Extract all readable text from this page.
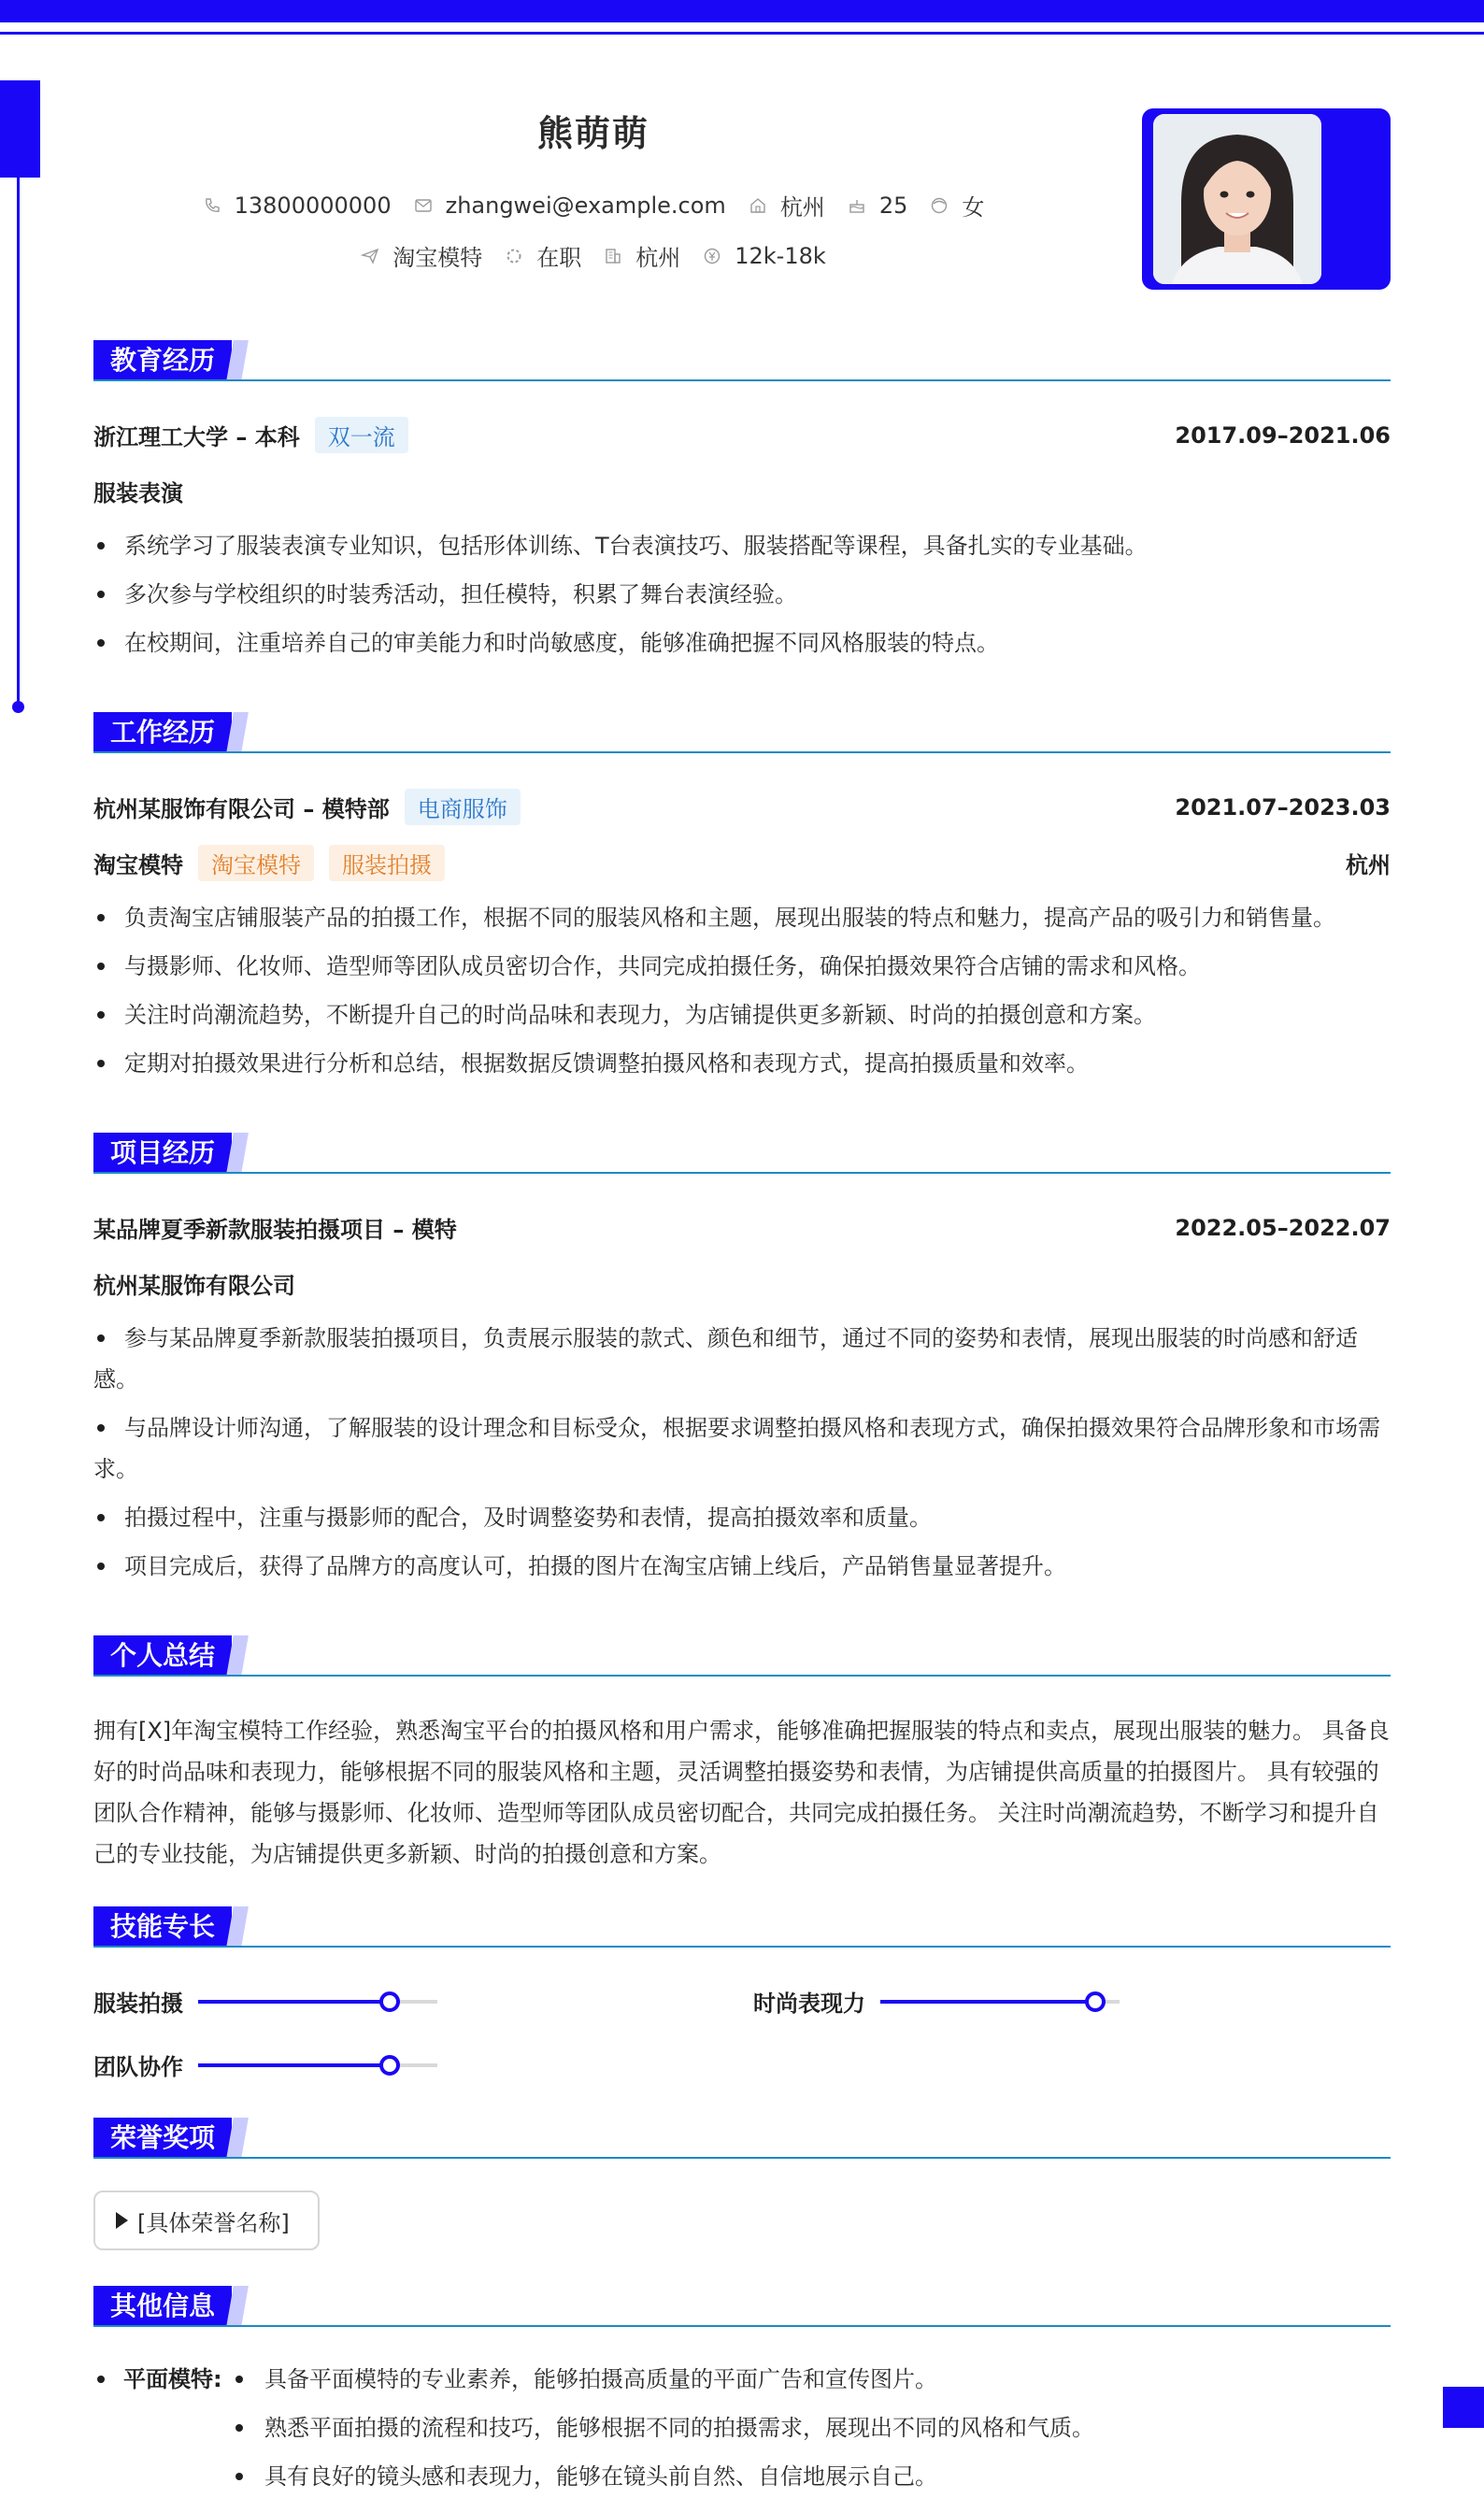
熊萌萌
13800000000 zhangwei@example.com 杭州 25 女
淘宝模特 在职 杭州 12k-18k
教育经历
浙江理工大学 – 本科	双一流	2017.09–2021.06
服装表演
系统学习了服装表演专业知识，包括形体训练、T台表演技巧、服装搭配等课程，具备扎实的专业基础。
多次参与学校组织的时装秀活动，担任模特，积累了舞台表演经验。
在校期间，注重培养自己的审美能力和时尚敏感度，能够准确把握不同风格服装的特点。
工作经历
杭州某服饰有限公司 – 模特部	电商服饰	2021.07–2023.03
淘宝模特	淘宝模特	服装拍摄	杭州
负责淘宝店铺服装产品的拍摄工作，根据不同的服装风格和主题，展现出服装的特点和魅力，提高产品的吸引力和销售量。
与摄影师、化妆师、造型师等团队成员密切合作，共同完成拍摄任务，确保拍摄效果符合店铺的需求和风格。
关注时尚潮流趋势，不断提升自己的时尚品味和表现力，为店铺提供更多新颖、时尚的拍摄创意和方案。
定期对拍摄效果进行分析和总结，根据数据反馈调整拍摄风格和表现方式，提高拍摄质量和效率。
项目经历
某品牌夏季新款服装拍摄项目 – 模特	2022.05–2022.07
杭州某服饰有限公司
参与某品牌夏季新款服装拍摄项目，负责展示服装的款式、颜色和细节，通过不同的姿势和表情，展现出服装的时尚感和舒适感。
与品牌设计师沟通，了解服装的设计理念和目标受众，根据要求调整拍摄风格和表现方式，确保拍摄效果符合品牌形象和市场需求。
拍摄过程中，注重与摄影师的配合，及时调整姿势和表情，提高拍摄效率和质量。
项目完成后，获得了品牌方的高度认可，拍摄的图片在淘宝店铺上线后，产品销售量显著提升。
个人总结
拥有[X]年淘宝模特工作经验，熟悉淘宝平台的拍摄风格和用户需求，能够准确把握服装的特点和卖点，展现出服装的魅力。 具备良
好的时尚品味和表现力，能够根据不同的服装风格和主题，灵活调整拍摄姿势和表情，为店铺提供高质量的拍摄图片。 具有较强的
团队合作精神，能够与摄影师、化妆师、造型师等团队成员密切配合，共同完成拍摄任务。 关注时尚潮流趋势，不断学习和提升自
己的专业技能，为店铺提供更多新颖、时尚的拍摄创意和方案。
技能专长
服装拍摄	时尚表现力
团队协作
荣誉奖项
[具体荣誉名称]
其他信息
平面模特: 具备平面模特的专业素养，能够拍摄高质量的平面广告和宣传图片。
熟悉平面拍摄的流程和技巧，能够根据不同的拍摄需求，展现出不同的风格和气质。
具有良好的镜头感和表现力，能够在镜头前自然、自信地展示自己。
